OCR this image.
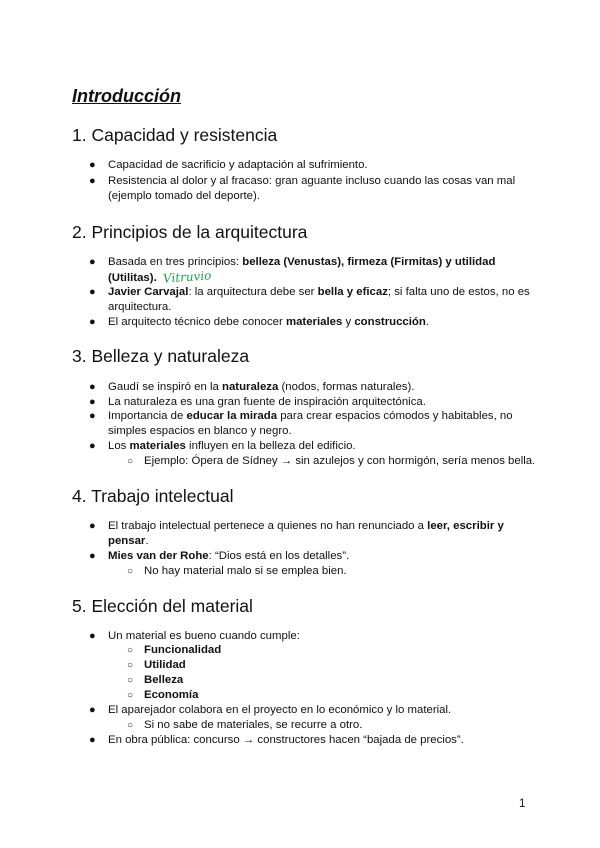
Introducción
1. Capacidad y resistencia

● Capacidad de sacrificio y adaptación al sufrimiento.

● Resistencia al dolor y al fracaso: gran aguante incluso cuando las cosas van mal

(ejemplo tomado del deporte).

2. Principios de la arquitectura

● Basada en tres principios: belleza (Venustas), firmeza (Firmitas) y utilidad

(Utilitas). Vitruvio

● Javier Carvajal: la arquitectura debe ser bella y eficaz; si falta uno de estos, no es

arquitectura.

● El arquitecto técnico debe conocer materiales y construcción.

3. Belleza y naturaleza

● Gaudí se inspiró en la naturaleza (nodos, formas naturales).

● La naturaleza es una gran fuente de inspiración arquitectónica.

● Importancia de educar la mirada para crear espacios cómodos y habitables, no

simples espacios en blanco y negro.

● Los materiales influyen en la belleza del edificio.

○ Ejemplo: Ópera de Sídney → sin azulejos y con hormigón, sería menos bella.

4. Trabajo intelectual

● El trabajo intelectual pertenece a quienes no han renunciado a leer, escribir y

pensar.

● Mies van der Rohe: “Dios está en los detalles”.

○ No hay material malo si se emplea bien.

5. Elección del material

● Un material es bueno cuando cumple:

○ Funcionalidad

○ Utilidad

○ Belleza

○ Economía

● El aparejador colabora en el proyecto en lo económico y lo material.

○ Si no sabe de materiales, se recurre a otro.

● En obra pública: concurso → constructores hacen “bajada de precios”.

1
